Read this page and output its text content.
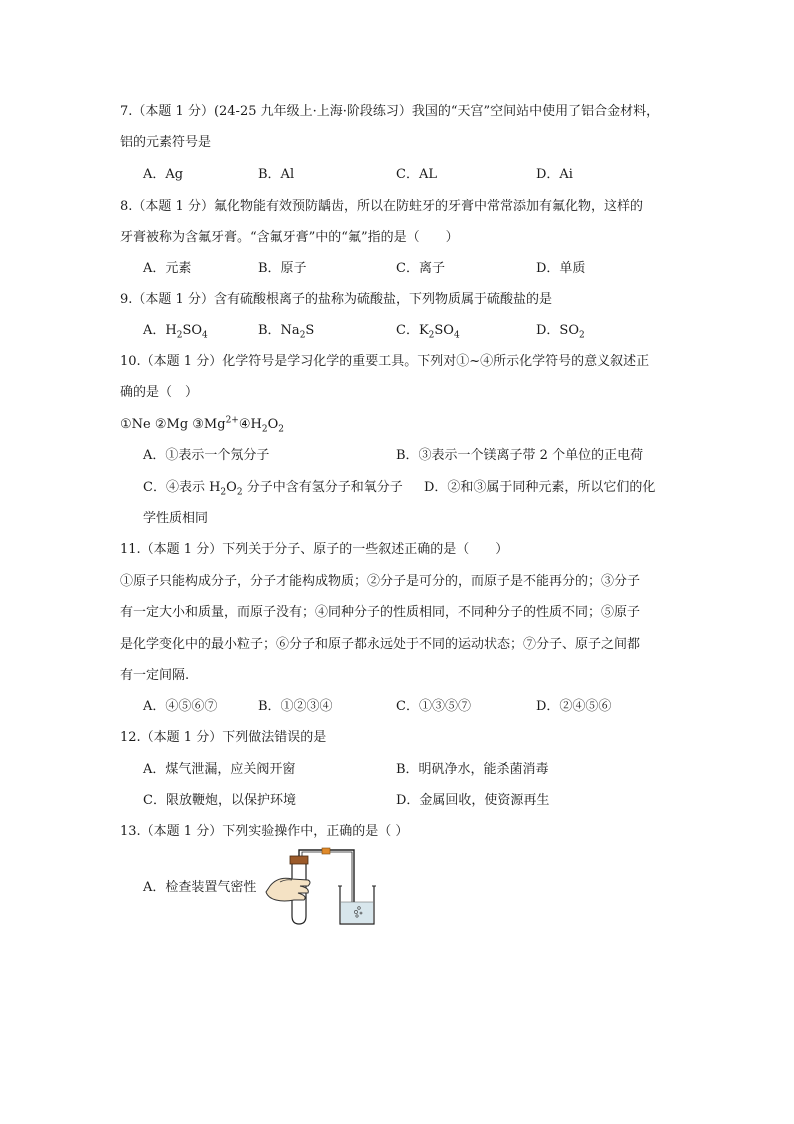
7.（本题 1 分）(24-25 九年级上·上海·阶段练习）我国的“天宫”空间站中使用了铝合金材料，
铝的元素符号是
A．Ag	B．Al	C．AL	D．Ai
8.（本题 1 分）氟化物能有效预防龋齿，所以在防蛀牙的牙膏中常常添加有氟化物，这样的
牙膏被称为含氟牙膏。“含氟牙膏”中的“氟”指的是（　　）
A．元素	B．原子	C．离子	D．单质
9.（本题 1 分）含有硫酸根离子的盐称为硫酸盐，下列物质属于硫酸盐的是
A．$H_2SO_4$	B．$Na_2S$	C．$K_2SO_4$	D．$SO_2$
10.（本题 1 分）化学符号是学习化学的重要工具。下列对①~④所示化学符号的意义叙述正
确的是（　）
①Ne ②Mg $③Mg^{2+}④H_2O_2$
A．①表示一个氖分子	B．③表示一个镁离子带 2 个单位的正电荷
C．④表示 $H_2O_2$ 分子中含有氢分子和氧分子 D．②和③属于同种元素，所以它们的化
学性质相同
11.（本题 1 分）下列关于分子、原子的一些叙述正确的是（　　）
①原子只能构成分子，分子才能构成物质；②分子是可分的，而原子是不能再分的；③分子
有一定大小和质量，而原子没有；④同种分子的性质相同，不同种分子的性质不同；⑤原子
是化学变化中的最小粒子；⑥分子和原子都永远处于不同的运动状态；⑦分子、原子之间都
有一定间隔.
A．④⑤⑥⑦	B．①②③④	C．①③⑤⑦	D．②④⑤⑥
12.（本题 1 分）下列做法错误的是
A．煤气泄漏，应关阀开窗	B．明矾净水，能杀菌消毒
C．限放鞭炮，以保护环境	D．金属回收，使资源再生
13.（本题 1 分）下列实验操作中，正确的是（ ）
A．检查装置气密性
